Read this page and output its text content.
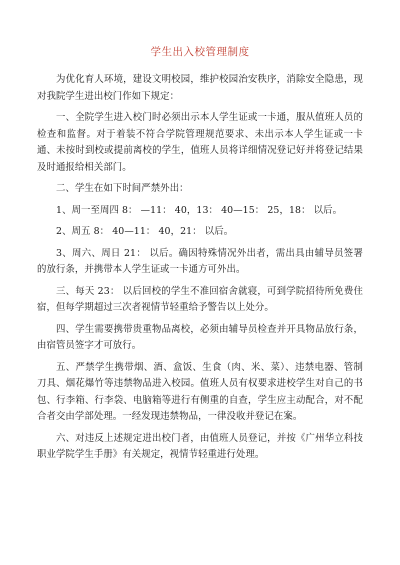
学生出入校管理制度

为优化育人环境，建设文明校园，维护校园治安秩序，消除安全隐患，现对我院学生进出校门作如下规定：

一、全院学生进入校门时必须出示本人学生证或一卡通，服从值班人员的检查和监督。对于着装不符合学院管理规范要求、未出示本人学生证或一卡通、未按时到校或提前离校的学生，值班人员将详细情况登记好并将登记结果及时通报给相关部门。

二、学生在如下时间严禁外出：

1、周一至周四 8： —11： 40，13： 40—15： 25，18： 以后。

2、周五 8： 40—11： 40，21： 以后。

3、周六、周日 21： 以后。确因特殊情况外出者，需出具由辅导员签署的放行条，并携带本人学生证或一卡通方可外出。

三、每天 23： 以后回校的学生不准回宿舍就寝，可到学院招待所免费住宿，但每学期超过三次者视情节轻重给予警告以上处分。

四、学生需要携带贵重物品离校，必须由辅导员检查并开具物品放行条，由宿管员签字才可放行。

五、严禁学生携带烟、酒、盒饭、生食（肉、米、菜）、违禁电器、管制刀具、烟花爆竹等违禁物品进入校园。值班人员有权要求进校学生对自己的书包、行李箱、行李袋、电脑箱等进行有侧重的自查，学生应主动配合，对不配合者交由学部处理。一经发现违禁物品，一律没收并登记在案。

六、对违反上述规定进出校门者，由值班人员登记，并按《广州华立科技职业学院学生手册》有关规定，视情节轻重进行处理。
